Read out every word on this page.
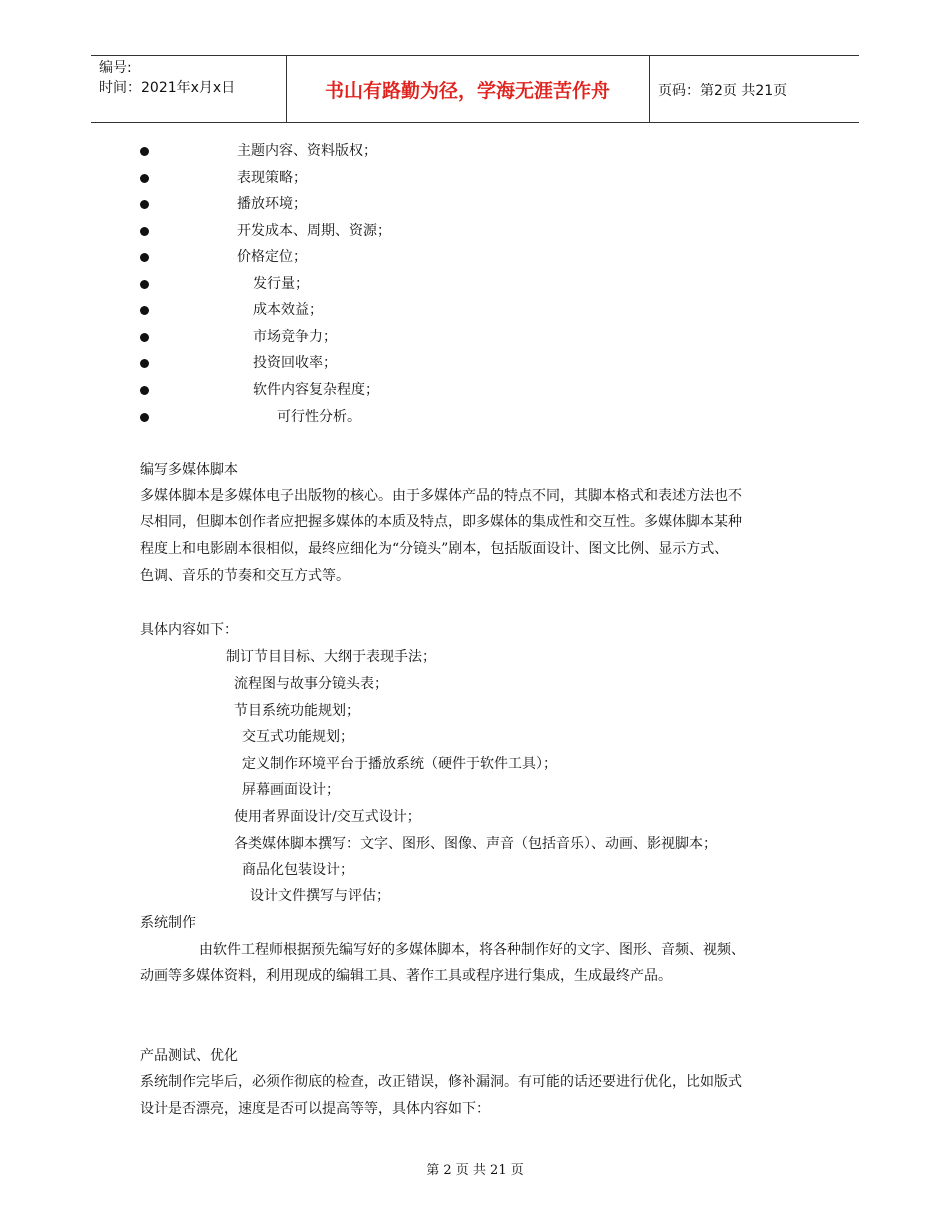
编号:
时间：2021年x月x日	书山有路勤为径，学海无涯苦作舟	页码：第2页 共21页
主题内容、资料版权；
表现策略；
播放环境；
开发成本、周期、资源；
价格定位；
发行量；
成本效益；
市场竞争力；
投资回收率；
软件内容复杂程度；
可行性分析。
编写多媒体脚本
多媒体脚本是多媒体电子出版物的核心。由于多媒体产品的特点不同，其脚本格式和表述方法也不
尽相同，但脚本创作者应把握多媒体的本质及特点，即多媒体的集成性和交互性。多媒体脚本某种
程度上和电影剧本很相似，最终应细化为“分镜头”剧本，包括版面设计、图文比例、显示方式、
色调、音乐的节奏和交互方式等。
具体内容如下：
制订节目目标、大纲于表现手法；
流程图与故事分镜头表；
节目系统功能规划；
交互式功能规划；
定义制作环境平台于播放系统（硬件于软件工具）；
屏幕画面设计；
使用者界面设计/交互式设计；
各类媒体脚本撰写：文字、图形、图像、声音（包括音乐）、动画、影视脚本；
商品化包装设计；
设计文件撰写与评估；
系统制作
由软件工程师根据预先编写好的多媒体脚本，将各种制作好的文字、图形、音频、视频、
动画等多媒体资料，利用现成的编辑工具、著作工具或程序进行集成，生成最终产品。
产品测试、优化
系统制作完毕后，必须作彻底的检查，改正错误，修补漏洞。有可能的话还要进行优化，比如版式
设计是否漂亮，速度是否可以提高等等，具体内容如下：
第 2 页 共 21 页
